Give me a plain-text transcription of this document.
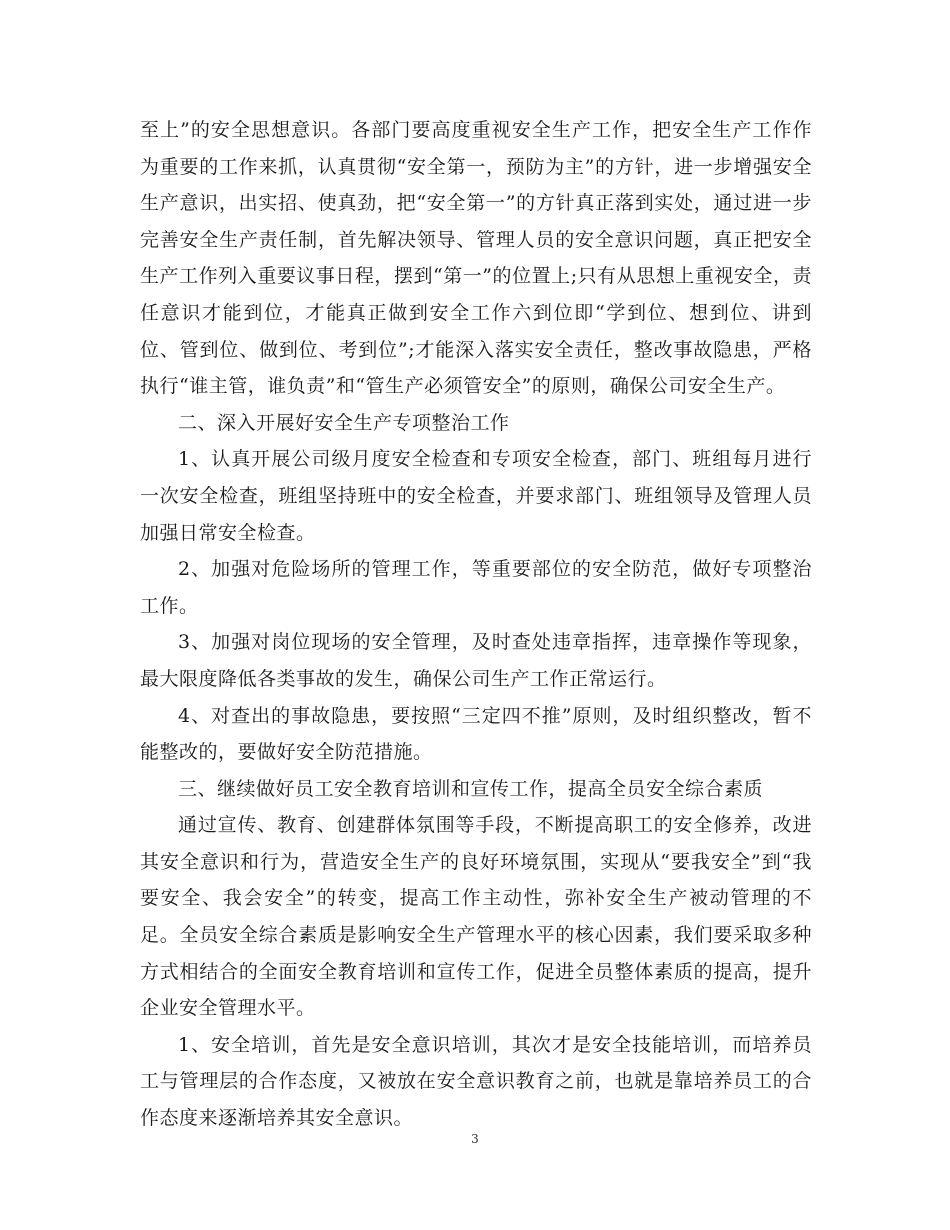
至上”的安全思想意识。各部门要高度重视安全生产工作，把安全生产工作作为重要的工作来抓，认真贯彻“安全第一，预防为主”的方针，进一步增强安全生产意识，出实招、使真劲，把“安全第一”的方针真正落到实处，通过进一步完善安全生产责任制，首先解决领导、管理人员的安全意识问题，真正把安全生产工作列入重要议事日程，摆到“第一”的位置上;只有从思想上重视安全，责任意识才能到位，才能真正做到安全工作六到位即“学到位、想到位、讲到位、管到位、做到位、考到位”;才能深入落实安全责任，整改事故隐患，严格执行“谁主管，谁负责”和“管生产必须管安全”的原则，确保公司安全生产。

二、深入开展好安全生产专项整治工作

1、认真开展公司级月度安全检查和专项安全检查，部门、班组每月进行一次安全检查，班组坚持班中的安全检查，并要求部门、班组领导及管理人员加强日常安全检查。

2、加强对危险场所的管理工作，等重要部位的安全防范，做好专项整治工作。

3、加强对岗位现场的安全管理，及时查处违章指挥，违章操作等现象，最大限度降低各类事故的发生，确保公司生产工作正常运行。

4、对查出的事故隐患，要按照“三定四不推”原则，及时组织整改，暂不能整改的，要做好安全防范措施。

三、继续做好员工安全教育培训和宣传工作，提高全员安全综合素质

通过宣传、教育、创建群体氛围等手段，不断提高职工的安全修养，改进其安全意识和行为，营造安全生产的良好环境氛围，实现从“要我安全”到“我要安全、我会安全”的转变，提高工作主动性，弥补安全生产被动管理的不足。全员安全综合素质是影响安全生产管理水平的核心因素，我们要采取多种方式相结合的全面安全教育培训和宣传工作，促进全员整体素质的提高，提升企业安全管理水平。

1、安全培训，首先是安全意识培训，其次才是安全技能培训，而培养员工与管理层的合作态度，又被放在安全意识教育之前，也就是靠培养员工的合作态度来逐渐培养其安全意识。

3
